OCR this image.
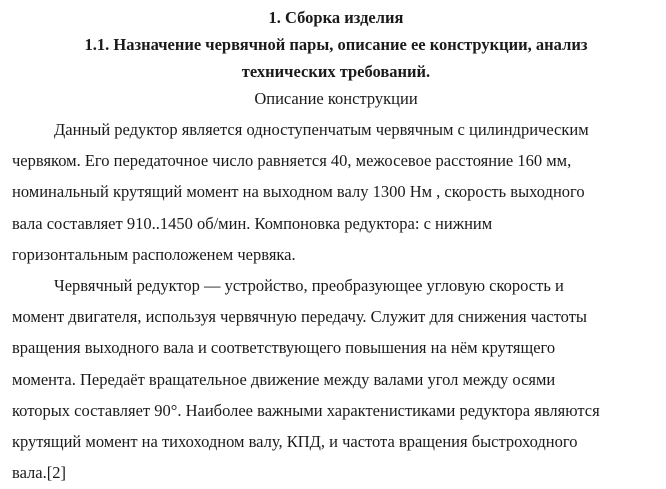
1. Сборка изделия

1.1. Назначение червячной пары, описание ее конструкции, анализ

технических требований.

Описание конструкции

Данный редуктор является одноступенчатым червячным с цилиндрическим
червяком. Его передаточное число равняется 40, межосевое расстояние 160 мм,
номинальный крутящий момент на выходном валу 1300 Нм , скорость выходного
вала составляет 910..1450 об/мин. Компоновка редуктора: с нижним
горизонтальным расположенем червяка.
Червячный редуктор — устройство, преобразующее угловую скорость и
момент двигателя, используя червячную передачу. Служит для снижения частоты
вращения выходного вала и соответствующего повышения на нём крутящего
момента. Передаёт вращательное движение между валами угол между осями
которых составляет 90°. Наиболее важными характенистиками редуктора являются
крутящий момент на тихоходном валу, КПД, и частота вращения быстроходного
вала.[2]
